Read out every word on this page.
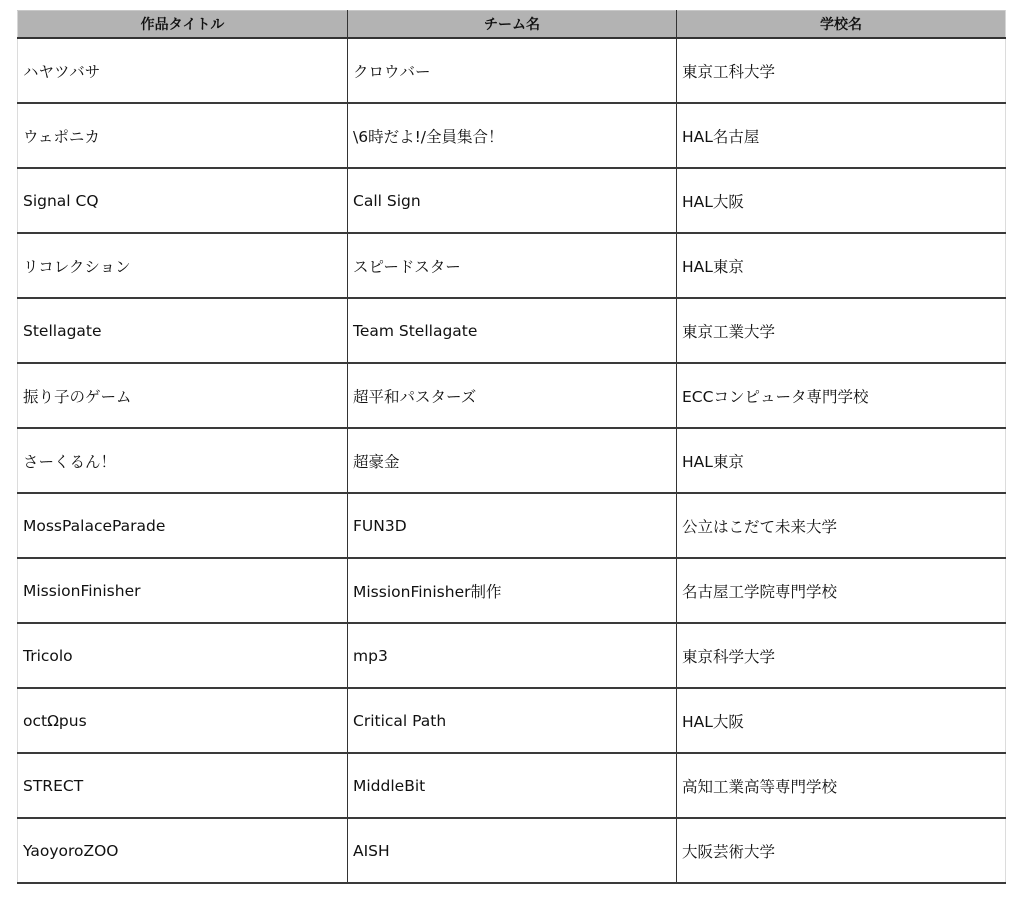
作品タイトル	チーム名	学校名
ハヤツバサ	クロウバー	東京工科大学
ウェポニカ	\6時だよ!/全員集合！	HAL名古屋
Signal CQ	Call Sign	HAL大阪
リコレクション	スピードスター	HAL東京
Stellagate	Team Stellagate	東京工業大学
振り子のゲーム	超平和パスターズ	ECCコンピュータ専門学校
さーくるん！	超豪金	HAL東京
MossPalaceParade	FUN3D	公立はこだて未来大学
MissionFinisher	MissionFinisher制作	名古屋工学院専門学校
Tricolo	mp3	東京科学大学
octΩpus	Critical Path	HAL大阪
STRECT	MiddleBit	高知工業高等専門学校
YaoyoroZOO	AISH	大阪芸術大学
